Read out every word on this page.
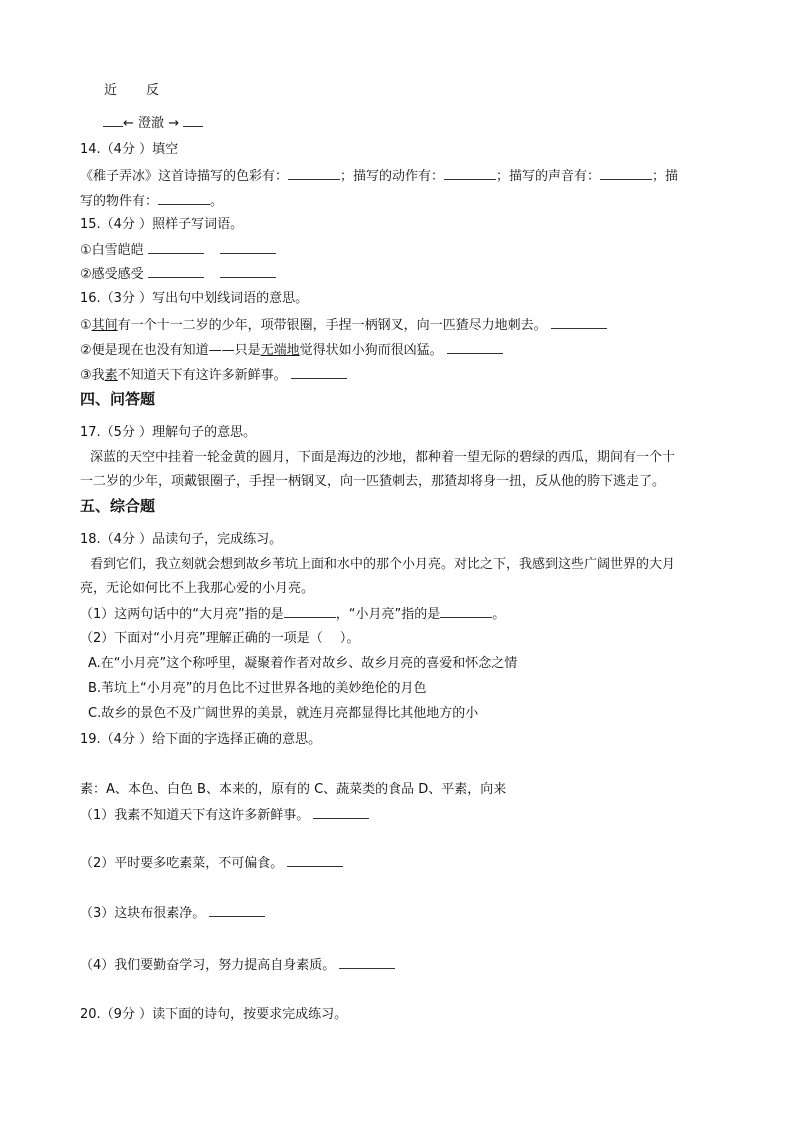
近 反
← 澄澈 →
14.（4分 ）填空
《稚子弄冰》这首诗描写的色彩有：	；描写的动作有：	；描写的声音有：	；描
写的物件有：	。
15.（4分 ）照样子写词语。
①白雪皑皑
②感受感受
16.（3分 ）写出句中划线词语的意思。
①其间有一个十一二岁的少年，项带银圈，手捏一柄钢叉，向一匹猹尽力地刺去。
②便是现在也没有知道——只是无端地觉得状如小狗而很凶猛。
③我素不知道天下有这许多新鲜事。
四、问答题
17.（5分 ）理解句子的意思。
深蓝的天空中挂着一轮金黄的圆月，下面是海边的沙地，都种着一望无际的碧绿的西瓜，期间有一个十
一二岁的少年，项戴银圈子，手捏一柄钢叉，向一匹猹刺去，那猹却将身一扭，反从他的胯下逃走了。
五、综合题
18.（4分 ）品读句子，完成练习。
看到它们，我立刻就会想到故乡苇坑上面和水中的那个小月亮。对比之下，我感到这些广阔世界的大月
亮，无论如何比不上我那心爱的小月亮。
（1）这两句话中的“大月亮”指的是	，“小月亮”指的是	。
（2）下面对“小月亮”理解正确的一项是（　 ）。
A.在“小月亮”这个称呼里，凝聚着作者对故乡、故乡月亮的喜爱和怀念之情
B.苇坑上“小月亮”的月色比不过世界各地的美妙绝伦的月色
C.故乡的景色不及广阔世界的美景，就连月亮都显得比其他地方的小
19.（4分 ）给下面的字选择正确的意思。
素：A、本色、白色 B、本来的，原有的 C、蔬菜类的食品 D、平素，向来
（1）我素不知道天下有这许多新鲜事。
（2）平时要多吃素菜，不可偏食。
（3）这块布很素净。
（4）我们要勤奋学习，努力提高自身素质。
20.（9分 ）读下面的诗句，按要求完成练习。
